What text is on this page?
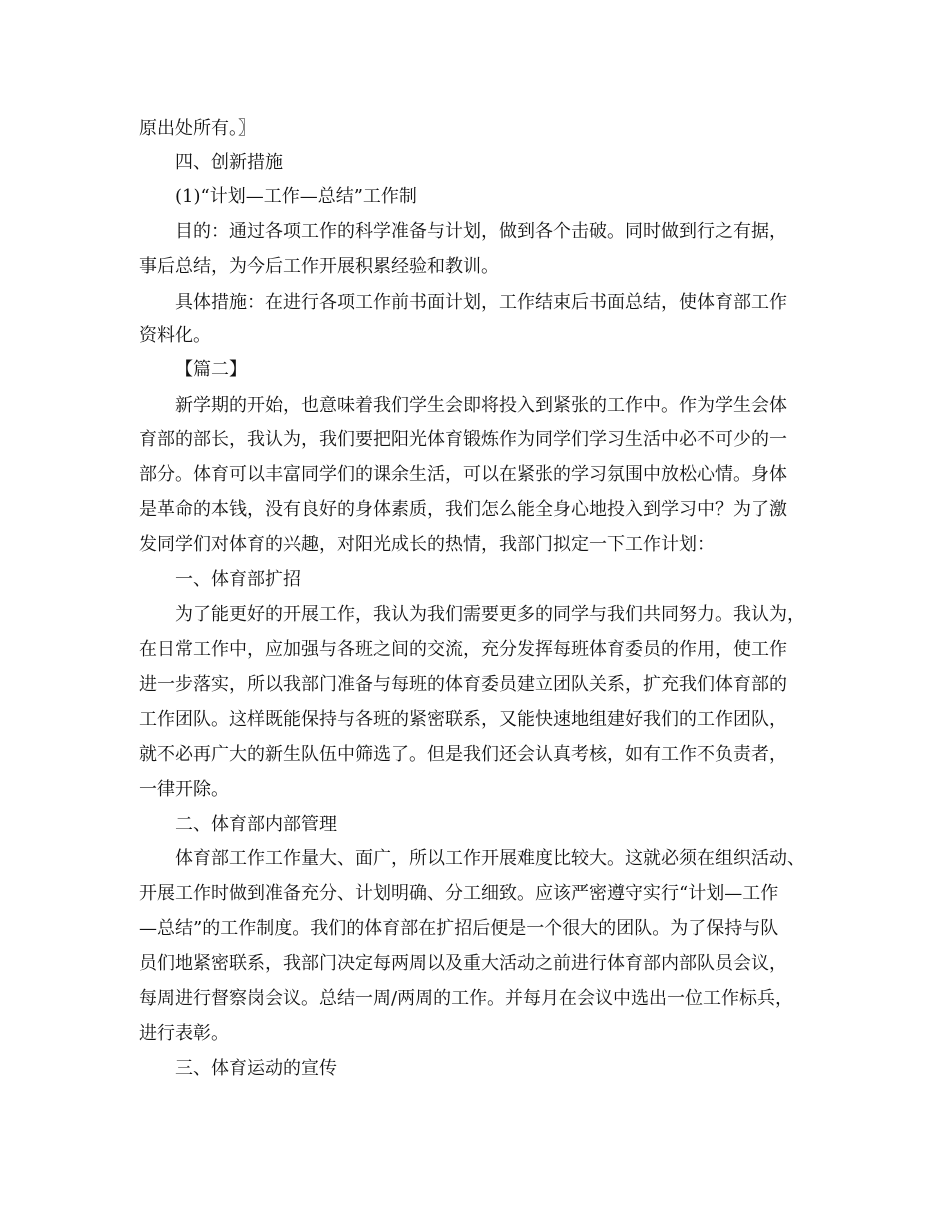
原出处所有。〗
四、创新措施
(1)“计划—工作—总结”工作制
目的：通过各项工作的科学准备与计划，做到各个击破。同时做到行之有据，
事后总结，为今后工作开展积累经验和教训。
具体措施：在进行各项工作前书面计划，工作结束后书面总结，使体育部工作
资料化。
【篇二】
新学期的开始，也意味着我们学生会即将投入到紧张的工作中。作为学生会体
育部的部长，我认为，我们要把阳光体育锻炼作为同学们学习生活中必不可少的一
部分。体育可以丰富同学们的课余生活，可以在紧张的学习氛围中放松心情。身体
是革命的本钱，没有良好的身体素质，我们怎么能全身心地投入到学习中？为了激
发同学们对体育的兴趣，对阳光成长的热情，我部门拟定一下工作计划：
一、体育部扩招
为了能更好的开展工作，我认为我们需要更多的同学与我们共同努力。我认为，
在日常工作中，应加强与各班之间的交流，充分发挥每班体育委员的作用，使工作
进一步落实，所以我部门准备与每班的体育委员建立团队关系，扩充我们体育部的
工作团队。这样既能保持与各班的紧密联系，又能快速地组建好我们的工作团队，
就不必再广大的新生队伍中筛选了。但是我们还会认真考核，如有工作不负责者，
一律开除。
二、体育部内部管理
体育部工作工作量大、面广，所以工作开展难度比较大。这就必须在组织活动、
开展工作时做到准备充分、计划明确、分工细致。应该严密遵守实行“计划—工作
—总结”的工作制度。我们的体育部在扩招后便是一个很大的团队。为了保持与队
员们地紧密联系，我部门决定每两周以及重大活动之前进行体育部内部队员会议，
每周进行督察岗会议。总结一周/两周的工作。并每月在会议中选出一位工作标兵，
进行表彰。
三、体育运动的宣传
